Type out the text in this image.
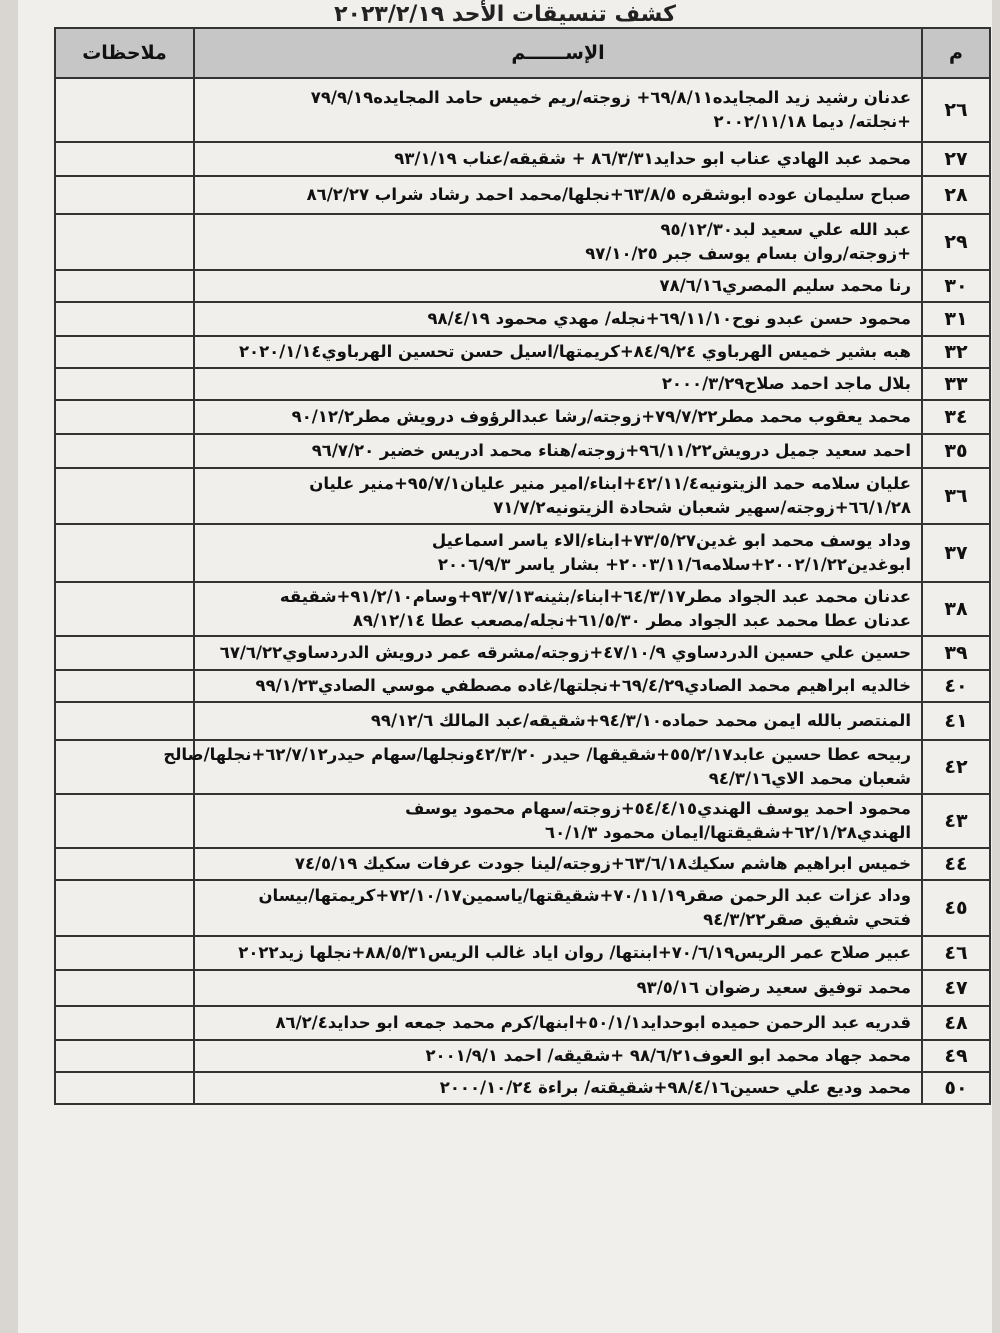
كشف تنسيقات الأحد ٢٠٢٣/٢/١٩
م	الإســــــم	ملاحظات
٢٦	عدنان رشيد زيد المجايده٦٩/٨/١١+ زوجته/ريم خميس حامد المجايده٧٩/٩/١٩
+نجلته/ ديما ٢٠٠٢/١١/١٨	

٢٧	محمد عبد الهادي عناب ابو حدايد٨٦/٣/٣١ + شقيقه/عناب ٩٣/١/١٩	

٢٨	صباح سليمان عوده ابوشقره ٦٣/٨/٥+نجلها/محمد احمد رشاد شراب ٨٦/٢/٢٧	

٢٩	عبد الله علي سعيد لبد٩٥/١٢/٣٠
+زوجته/روان بسام يوسف جبر ٩٧/١٠/٢٥	

٣٠	رنا محمد سليم المصري٧٨/٦/١٦	

٣١	محمود حسن عبدو نوح٦٩/١١/١٠+نجله/ مهدي محمود ٩٨/٤/١٩	

٣٢	هبه بشير خميس الهرباوي ٨٤/٩/٢٤+كريمتها/اسيل حسن تحسين الهرباوي٢٠٢٠/١/١٤	

٣٣	بلال ماجد احمد صلاح٢٠٠٠/٣/٢٩	

٣٤	محمد يعقوب محمد مطر٧٩/٧/٢٢+زوجته/رشا عبدالرؤوف درويش مطر٩٠/١٢/٢	

٣٥	احمد سعيد جميل درويش٩٦/١١/٢٢+زوجته/هناء محمد ادريس خضير ٩٦/٧/٢٠	

٣٦	عليان سلامه حمد الزيتونيه٤٢/١١/٤+ابناء/امير منير عليان٩٥/٧/١+منير عليان
٦٦/١/٢٨+زوجته/سهير شعبان شحادة الزيتونيه٧١/٧/٢	

٣٧	وداد يوسف محمد ابو غدين٧٣/٥/٢٧+ابناء/الاء ياسر اسماعيل
ابوغدين٢٠٠٢/١/٢٢+سلامه٢٠٠٣/١١/٦+ بشار ياسر ٢٠٠٦/٩/٣	

٣٨	عدنان محمد عبد الجواد مطر٦٤/٣/١٧+ابناء/بثينه٩٣/٧/١٣+وسام٩١/٢/١٠+شقيقه
عدنان عطا محمد عبد الجواد مطر ٦١/٥/٣٠+نجله/مصعب عطا ٨٩/١٢/١٤	

٣٩	حسين علي حسين الدردساوي ٤٧/١٠/٩+زوجته/مشرقه عمر درويش الدردساوي٦٧/٦/٢٢	

٤٠	خالديه ابراهيم محمد الصادي٦٩/٤/٢٩+نجلتها/غاده مصطفي موسي الصادي٩٩/١/٢٣	

٤١	المنتصر بالله ايمن محمد حماده٩٤/٣/١٠+شقيقه/عبد المالك ٩٩/١٢/٦	

٤٢	ربيحه عطا حسين عابد٥٥/٢/١٧+شقيقها/ حيدر ٤٢/٣/٢٠ونجلها/سهام حيدر٦٢/٧/١٢+نجلها/صالح
شعبان محمد الاي٩٤/٣/١٦	

٤٣	محمود احمد يوسف الهندي٥٤/٤/١٥+زوجته/سهام محمود يوسف
الهندي٦٢/١/٢٨+شقيقتها/ايمان محمود ٦٠/١/٣	

٤٤	خميس ابراهيم هاشم سكيك٦٣/٦/١٨+زوجته/لينا جودت عرفات سكيك ٧٤/٥/١٩	

٤٥	وداد عزات عبد الرحمن صقر٧٠/١١/١٩+شقيقتها/ياسمين٧٢/١٠/١٧+كريمتها/بيسان
فتحي شفيق صقر٩٤/٣/٢٢	

٤٦	عبير صلاح عمر الريس٧٠/٦/١٩+ابنتها/ روان اياد غالب الريس٨٨/٥/٣١+نجلها زيد٢٠٢٢	

٤٧	محمد توفيق سعيد رضوان ٩٣/٥/١٦	

٤٨	قدريه عبد الرحمن حميده ابوحدايد٥٠/١/١+ابنها/كرم محمد جمعه ابو حدايد٨٦/٢/٤	

٤٩	محمد جهاد محمد ابو العوف٩٨/٦/٢١ +شقيقه/ احمد ٢٠٠١/٩/١	

٥٠	محمد وديع علي حسين٩٨/٤/١٦+شقيقته/ براءة ٢٠٠٠/١٠/٢٤	
